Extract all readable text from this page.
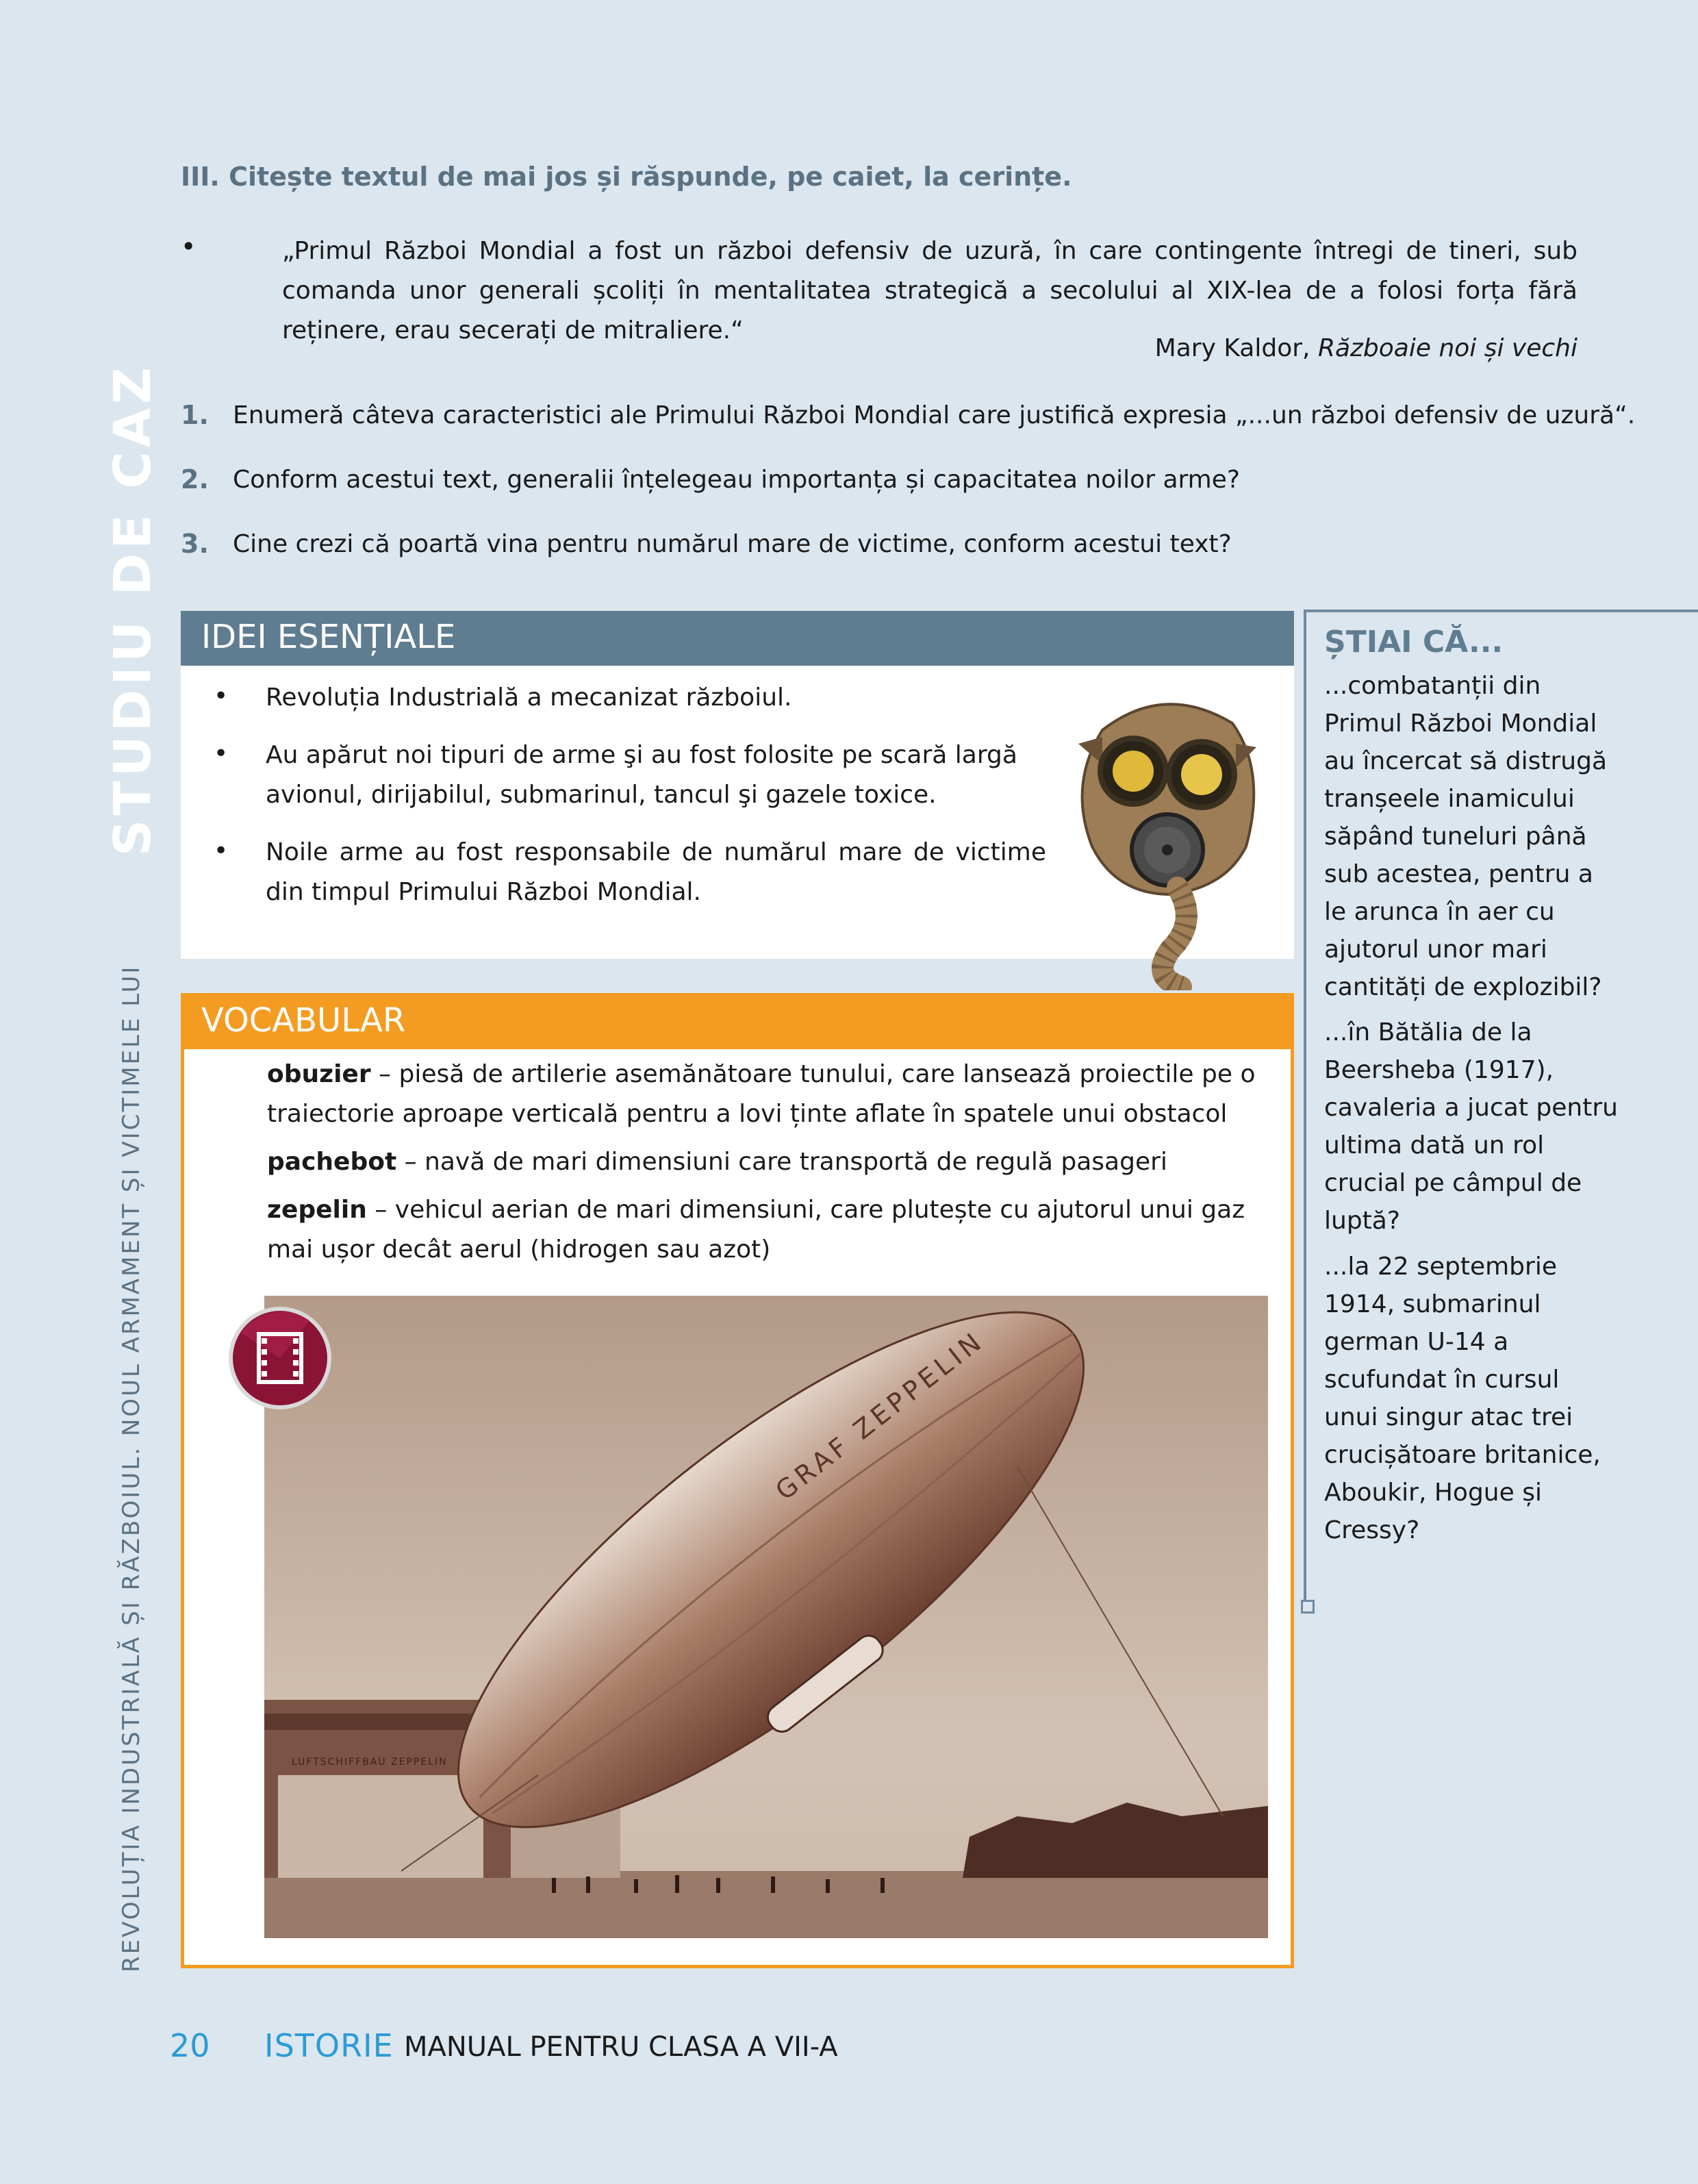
STUDIU DE CAZ
REVOLUȚIA INDUSTRIALĂ ȘI RĂZBOIUL. NOUL ARMAMENT ȘI VICTIMELE LUI
III. Citește textul de mai jos și răspunde, pe caiet, la cerințe.
•	„Primul Război Mondial a fost un război defensiv de uzură, în care contingente întregi de tineri, sub comanda unor generali școliți în mentalitatea strategică a secolului al XIX-lea de a folosi forța fără reținere, erau secerați de mitraliere.“
Mary Kaldor, Războaie noi și vechi
1. Enumeră câteva caracteristici ale Primului Război Mondial care justifică expresia „...un război defensiv de uzură“.
2. Conform acestui text, generalii înțelegeau importanța și capacitatea noilor arme?
3. Cine crezi că poartă vina pentru numărul mare de victime, conform acestui text?
IDEI ESENȚIALE
• Revoluția Industrială a mecanizat războiul.
• Au apărut noi tipuri de arme şi au fost folosite pe scară largă avionul, dirijabilul, submarinul, tancul şi gazele toxice.
• Noile arme au fost responsabile de numărul mare de victime din timpul Primului Război Mondial.
ȘTIAI CĂ...
...combatanții din Primul Război Mondial au încercat să distrugă tranșeele inamicului săpând tuneluri până sub acestea, pentru a le arunca în aer cu ajutorul unor mari cantități de explozibil?
...în Bătălia de la Beersheba (1917), cavaleria a jucat pentru ultima dată un rol crucial pe câmpul de luptă?
...la 22 septembrie 1914, submarinul german U-14 a scufundat în cursul unui singur atac trei crucișătoare britanice, Aboukir, Hogue și Cressy?
VOCABULAR
obuzier – piesă de artilerie asemănătoare tunului, care lansează proiectile pe o traiectorie aproape verticală pentru a lovi ținte aflate în spatele unui obstacol
pachebot – navă de mari dimensiuni care transportă de regulă pasageri
zepelin – vehicul aerian de mari dimensiuni, care plutește cu ajutorul unui gaz mai ușor decât aerul (hidrogen sau azot)
GRAF ZEPPELIN
LUFTSCHIFFBAU ZEPPELIN
20 ISTORIE MANUAL PENTRU CLASA A VII-A
